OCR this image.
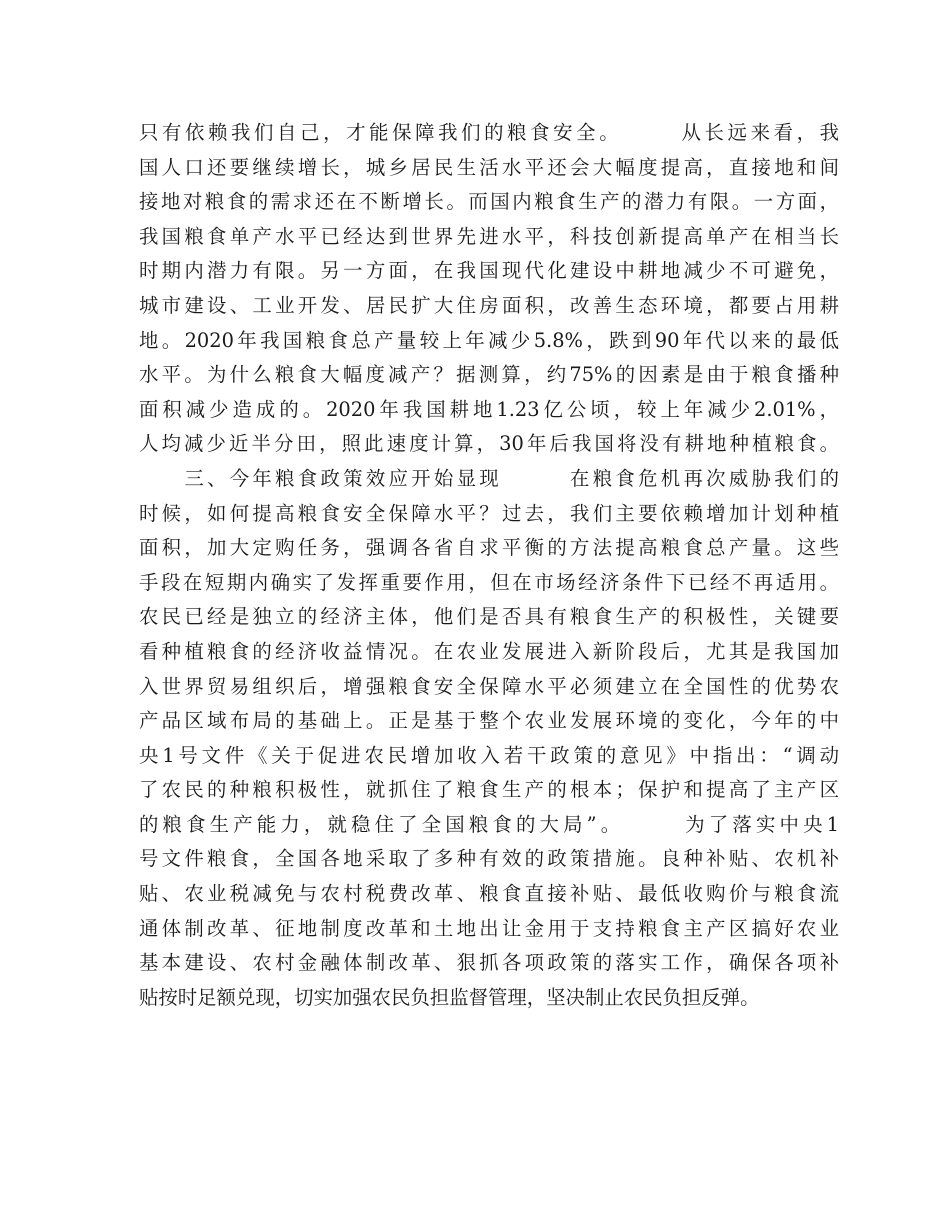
只有依赖我们自己，才能保障我们的粮食安全。　　　从长远来看，我
国人口还要继续增长，城乡居民生活水平还会大幅度提高，直接地和间
接地对粮食的需求还在不断增长。而国内粮食生产的潜力有限。一方面，
我国粮食单产水平已经达到世界先进水平，科技创新提高单产在相当长
时期内潜力有限。另一方面，在我国现代化建设中耕地减少不可避免，
城市建设、工业开发、居民扩大住房面积，改善生态环境，都要占用耕
地。2020年我国粮食总产量较上年减少5.8%，跌到90年代以来的最低
水平。为什么粮食大幅度减产？据测算，约75%的因素是由于粮食播种
面积减少造成的。2020年我国耕地1.23亿公顷，较上年减少2.01%，
人均减少近半分田，照此速度计算，30年后我国将没有耕地种植粮食。
　　三、今年粮食政策效应开始显现　　　在粮食危机再次威胁我们的
时候，如何提高粮食安全保障水平？过去，我们主要依赖增加计划种植
面积，加大定购任务，强调各省自求平衡的方法提高粮食总产量。这些
手段在短期内确实了发挥重要作用，但在市场经济条件下已经不再适用。
农民已经是独立的经济主体，他们是否具有粮食生产的积极性，关键要
看种植粮食的经济收益情况。在农业发展进入新阶段后，尤其是我国加
入世界贸易组织后，增强粮食安全保障水平必须建立在全国性的优势农
产品区域布局的基础上。正是基于整个农业发展环境的变化，今年的中
央1号文件《关于促进农民增加收入若干政策的意见》中指出：“调动
了农民的种粮积极性，就抓住了粮食生产的根本；保护和提高了主产区
的粮食生产能力，就稳住了全国粮食的大局”。　　　为了落实中央1
号文件粮食，全国各地采取了多种有效的政策措施。良种补贴、农机补
贴、农业税减免与农村税费改革、粮食直接补贴、最低收购价与粮食流
通体制改革、征地制度改革和土地出让金用于支持粮食主产区搞好农业
基本建设、农村金融体制改革、狠抓各项政策的落实工作，确保各项补
贴按时足额兑现，切实加强农民负担监督管理，坚决制止农民负担反弹。
